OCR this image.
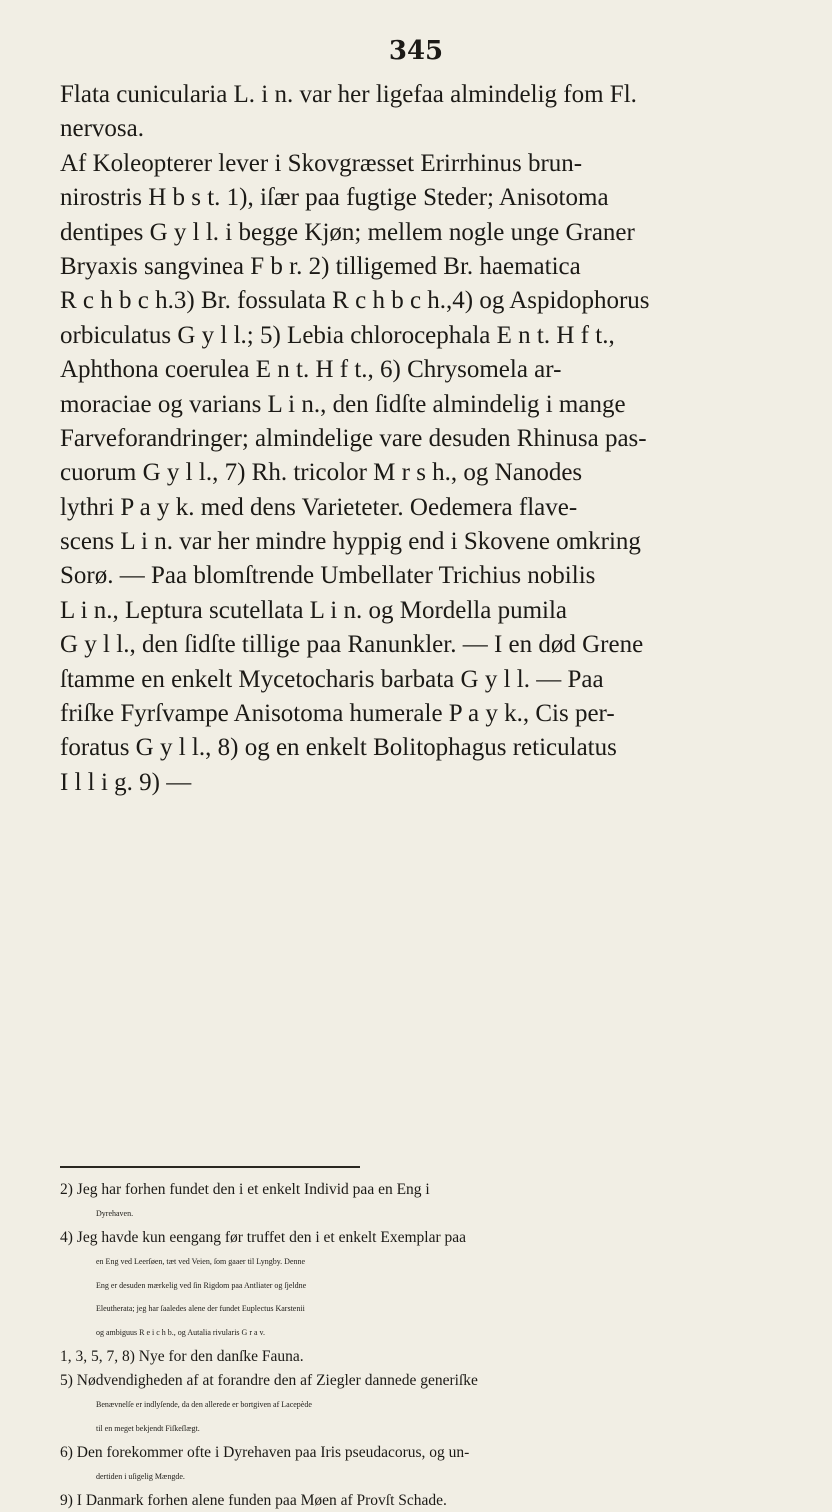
345
Flata cunicularia L. i n. var her ligefaa almindelig fom Fl.
nervosa.
Af Koleopterer lever i Skovgræsset Erirrhinus brun-
nirostris H b s t. 1), iſær paa fugtige Steder; Anisotoma
dentipes G y l l. i begge Kjøn; mellem nogle unge Graner
Bryaxis sangvinea F b r. 2) tilligemed Br. haematica
R c h b c h.3) Br. fossulata R c h b c h.,4) og Aspidophorus
orbiculatus G y l l.; 5) Lebia chlorocephala E n t. H f t.,
Aphthona coerulea E n t. H f t., 6) Chrysomela ar-
moraciae og varians L i n., den ſidſte almindelig i mange
Farveforandringer; almindelige vare desuden Rhinusa pas-
cuorum G y l l., 7) Rh. tricolor M r s h., og Nanodes
lythri P a y k. med dens Varieteter. Oedemera flave-
scens L i n. var her mindre hyppig end i Skovene omkring
Sorø. — Paa blomſtrende Umbellater Trichius nobilis
L i n., Leptura scutellata L i n. og Mordella pumila
G y l l., den ſidſte tillige paa Ranunkler. — I en død Grene
ſtamme en enkelt Mycetocharis barbata G y l l. — Paa
friſke Fyrſvampe Anisotoma humerale P a y k., Cis per-
foratus G y l l., 8) og en enkelt Bolitophagus reticulatus
I l l i g. 9) —
2) Jeg har forhen fundet den i et enkelt Individ paa en Eng i
Dyrehaven.
4) Jeg havde kun eengang før truffet den i et enkelt Exemplar paa
en Eng ved Leerſøen, tæt ved Veien, ſom gaaer til Lyngby. Denne
Eng er desuden mærkelig ved ſin Rigdom paa Antliater og ſjeldne
Eleutherata; jeg har ſaaledes alene der fundet Euplectus Karstenii
og ambiguus R e i c h b., og Autalia rivularis G r a v.
1, 3, 5, 7, 8) Nye for den danſke Fauna.
5) Nødvendigheden af at forandre den af Ziegler dannede generiſke
Benævnelſe er indlyſende, da den allerede er bortgiven af Lacepède
til en meget bekjendt Fiſkeſlægt.
6) Den forekommer ofte i Dyrehaven paa Iris pseudacorus, og un-
dertiden i uſigelig Mængde.
9) I Danmark forhen alene funden paa Møen af Provſt Schade.
